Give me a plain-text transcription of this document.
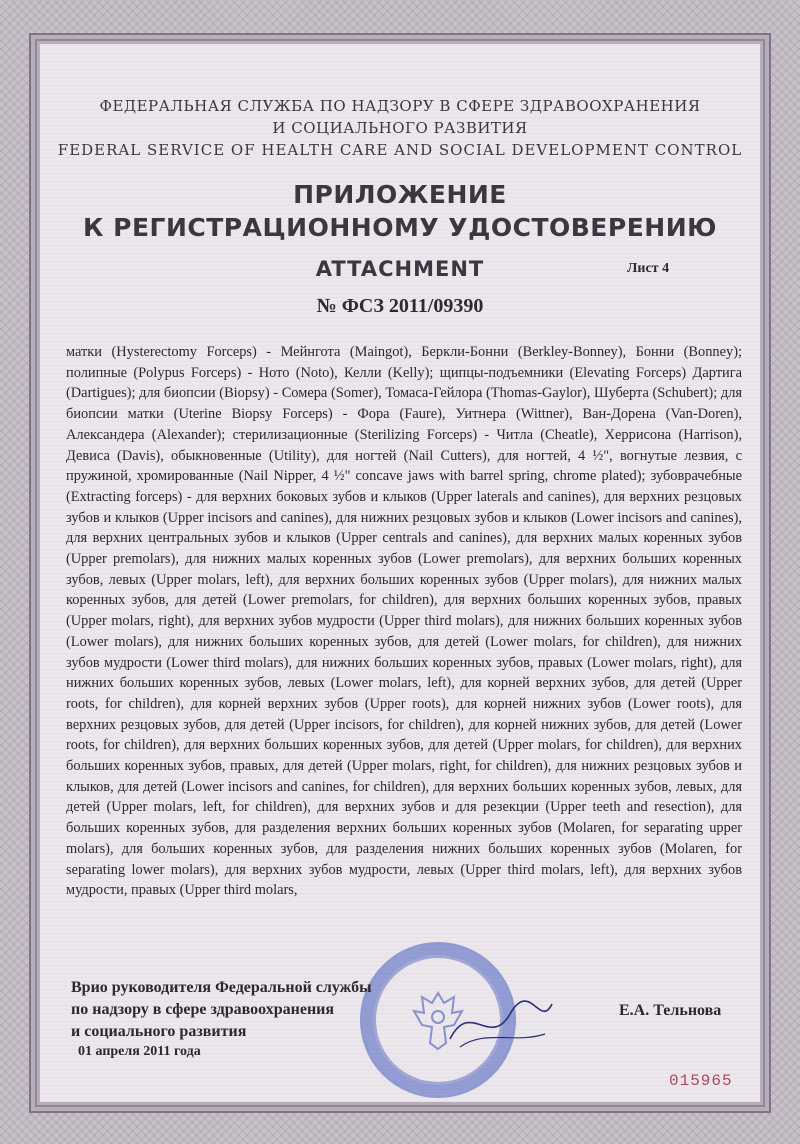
ФЕДЕРАЛЬНАЯ СЛУЖБА ПО НАДЗОРУ В СФЕРЕ ЗДРАВООХРАНЕНИЯ
И СОЦИАЛЬНОГО РАЗВИТИЯ
FEDERAL SERVICE OF HEALTH CARE AND SOCIAL DEVELOPMENT CONTROL
ПРИЛОЖЕНИЕ
К РЕГИСТРАЦИОННОМУ УДОСТОВЕРЕНИЮ
ATTACHMENT	Лист 4
№ ФСЗ 2011/09390
матки (Hysterectomy Forceps) - Мейнгота (Maingot), Беркли-Бонни (Berkley-Bonney), Бонни (Bonney); полипные (Polypus Forceps) - Ното (Noto), Келли (Kelly); щипцы-подъемники (Elevating Forceps) Дартига (Dartigues); для биопсии (Biopsy) - Сомера (Somer), Томаса-Гейлора (Thomas-Gaylor), Шуберта (Schubert); для биопсии матки (Uterine Biopsy Forceps) - Фора (Faure), Уитнера (Wittner), Ван-Дорена (Van-Doren), Александера (Alexander); стерилизационные (Sterilizing Forceps) - Читла (Cheatle), Херрисона (Harrison), Девиса (Davis), обыкновенные (Utility), для ногтей (Nail Cutters), для ногтей, 4 ½", вогнутые лезвия, с пружиной, хромированные (Nail Nipper, 4 ½" concave jaws with barrel spring, chrome plated); зубоврачебные (Extracting forceps) - для верхних боковых зубов и клыков (Upper laterals and canines), для верхних резцовых зубов и клыков (Upper incisors and canines), для нижних резцовых зубов и клыков (Lower incisors and canines), для верхних центральных зубов и клыков (Upper centrals and canines), для верхних малых коренных зубов (Upper premolars), для нижних малых коренных зубов (Lower premolars), для верхних больших коренных зубов, левых (Upper molars, left), для верхних больших коренных зубов (Upper molars), для нижних малых коренных зубов, для детей (Lower premolars, for children), для верхних больших коренных зубов, правых (Upper molars, right), для верхних зубов мудрости (Upper third molars), для нижних больших коренных зубов (Lower molars), для нижних больших коренных зубов, для детей (Lower molars, for children), для нижних зубов мудрости (Lower third molars), для нижних больших коренных зубов, правых (Lower molars, right), для нижних больших коренных зубов, левых (Lower molars, left), для корней верхних зубов, для детей (Upper roots, for children), для корней верхних зубов (Upper roots), для корней нижних зубов (Lower roots), для верхних резцовых зубов, для детей (Upper incisors, for children), для корней нижних зубов, для детей (Lower roots, for children), для верхних больших коренных зубов, для детей (Upper molars, for children), для верхних больших коренных зубов, правых, для детей (Upper molars, right, for children), для нижних резцовых зубов и клыков, для детей (Lower incisors and canines, for children), для верхних больших коренных зубов, левых, для детей (Upper molars, left, for children), для верхних зубов и для резекции (Upper teeth and resection), для больших коренных зубов, для разделения верхних больших коренных зубов (Molaren, for separating upper molars), для больших коренных зубов, для разделения нижних больших коренных зубов (Molaren, for separating lower molars), для верхних зубов мудрости, левых (Upper third molars, left), для верхних зубов мудрости, правых (Upper third molars,
Врио руководителя Федеральной службы
по надзору в сфере здравоохранения
и социального развития
01 апреля 2011 года
Е.А. Тельнова
015965
